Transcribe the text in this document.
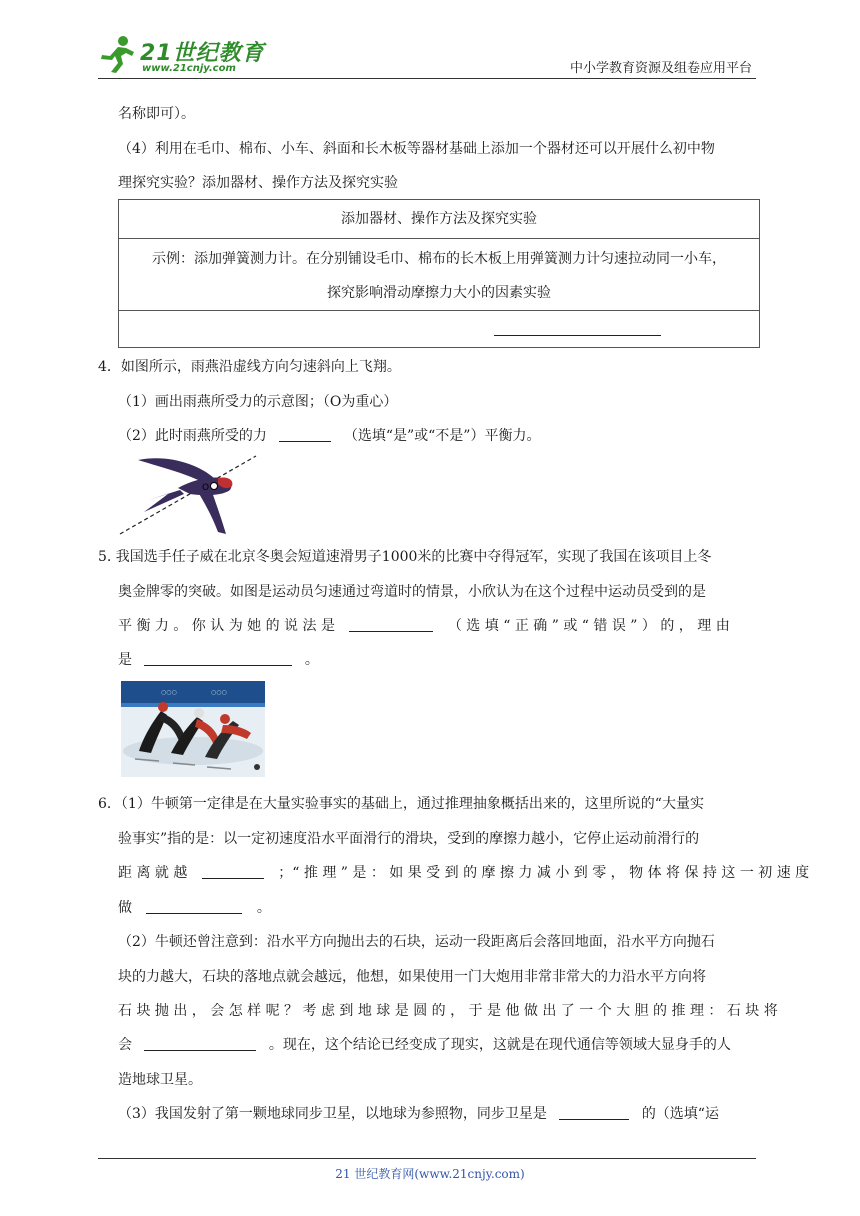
21世纪教育
www.21cnjy.com	中小学教育资源及组卷应用平台
名称即可）。
（4）利用在毛巾、棉布、小车、斜面和长木板等器材基础上添加一个器材还可以开展什么初中物
理探究实验？添加器材、操作方法及探究实验
添加器材、操作方法及探究实验
示例：添加弹簧测力计。在分别铺设毛巾、棉布的长木板上用弹簧测力计匀速拉动同一小车，
探究影响滑动摩擦力大小的因素实验
4．如图所示，雨燕沿虚线方向匀速斜向上飞翔。
（1）画出雨燕所受力的示意图；（O为重心）
（2）此时雨燕所受的力	（选填“是”或“不是”）平衡力。
O
5. 我国选手任子威在北京冬奥会短道速滑男子1000米的比赛中夺得冠军，实现了我国在该项目上冬
奥金牌零的突破。如图是运动员匀速通过弯道时的情景，小欣认为在这个过程中运动员受到的是
平 衡 力 。 你 认 为 她 的 说 法 是	（ 选 填 “ 正 确 ” 或 “ 错 误 ” ） 的 ， 理 由
是	。
○○○	○○○
6．（1）牛顿第一定律是在大量实验事实的基础上，通过推理抽象概括出来的，这里所说的“大量实
验事实”指的是：以一定初速度沿水平面滑行的滑块，受到的摩擦力越小，它停止运动前滑行的
距 离 就 越	；“ 推 理 ” 是 ： 如 果 受 到 的 摩 擦 力 减 小 到 零 ， 物 体 将 保 持 这 一 初 速 度
做	。
（2）牛顿还曾注意到：沿水平方向抛出去的石块，运动一段距离后会落回地面，沿水平方向抛石
块的力越大，石块的落地点就会越远，他想，如果使用一门大炮用非常非常大的力沿水平方向将
石 块 抛 出 ， 会 怎 样 呢 ？ 考 虑 到 地 球 是 圆 的 ， 于 是 他 做 出 了 一 个 大 胆 的 推 理 ： 石 块 将
会	。现在，这个结论已经变成了现实，这就是在现代通信等领域大显身手的人
造地球卫星。
（3）我国发射了第一颗地球同步卫星，以地球为参照物，同步卫星是	的（选填“运
21 世纪教育网(www.21cnjy.com)
